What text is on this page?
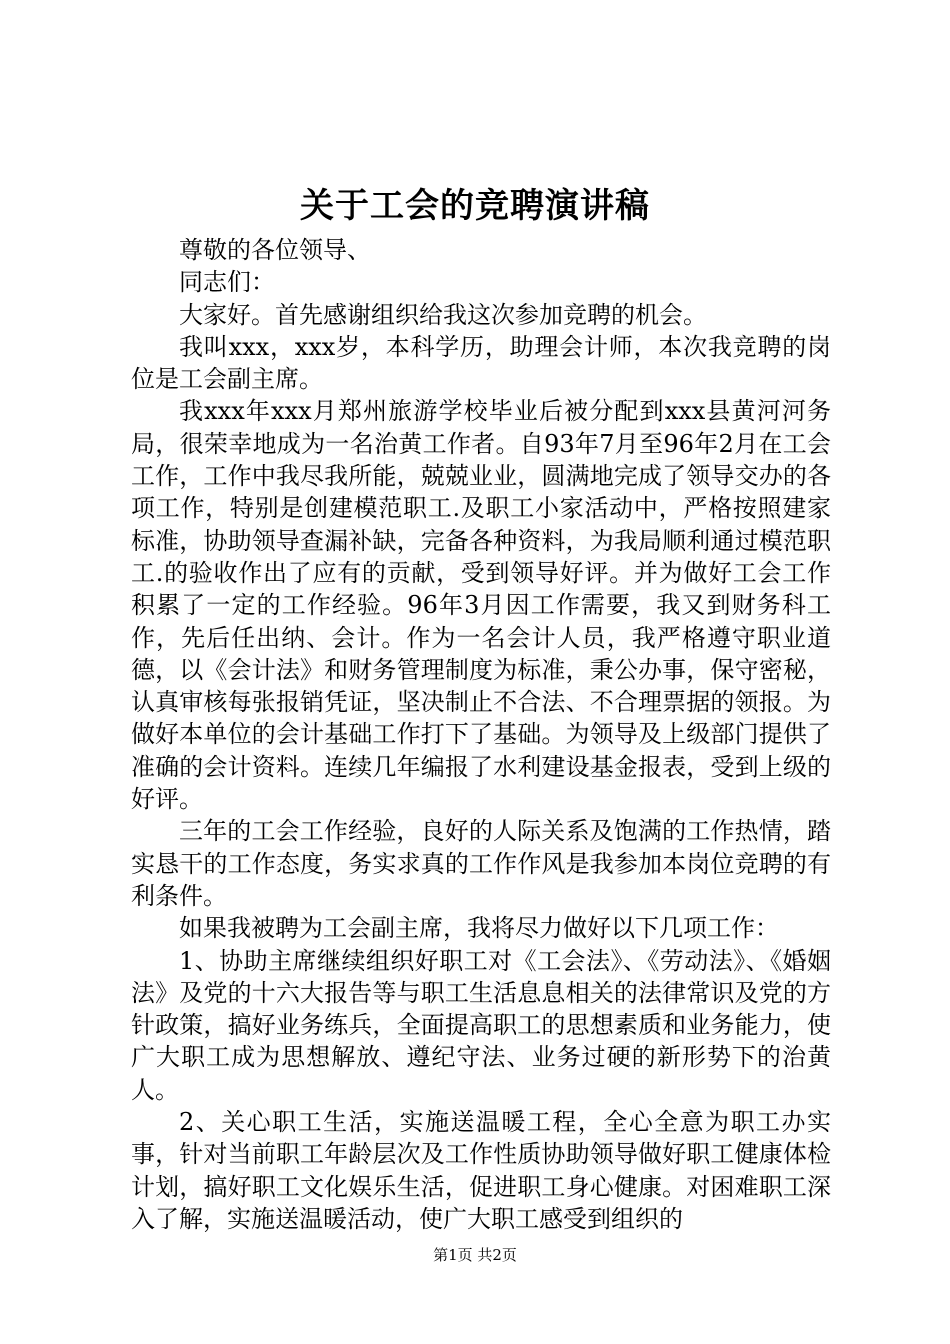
关于工会的竞聘演讲稿

尊敬的各位领导、

同志们：

大家好。首先感谢组织给我这次参加竞聘的机会。

我叫xxx，xxx岁，本科学历，助理会计师，本次我竞聘的岗位是工会副主席。

我xxx年xxx月郑州旅游学校毕业后被分配到xxx县黄河河务局，很荣幸地成为一名治黄工作者。自93年7月至96年2月在工会工作，工作中我尽我所能，兢兢业业，圆满地完成了领导交办的各项工作，特别是创建模范职工.及职工小家活动中，严格按照建家标准，协助领导查漏补缺，完备各种资料，为我局顺利通过模范职工.的验收作出了应有的贡献，受到领导好评。并为做好工会工作积累了一定的工作经验。96年3月因工作需要，我又到财务科工作，先后任出纳、会计。作为一名会计人员，我严格遵守职业道德，以《会计法》和财务管理制度为标准，秉公办事，保守密秘，认真审核每张报销凭证，坚决制止不合法、不合理票据的领报。为做好本单位的会计基础工作打下了基础。为领导及上级部门提供了准确的会计资料。连续几年编报了水利建设基金报表，受到上级的好评。

三年的工会工作经验，良好的人际关系及饱满的工作热情，踏实恳干的工作态度，务实求真的工作作风是我参加本岗位竞聘的有利条件。

如果我被聘为工会副主席，我将尽力做好以下几项工作：

1、协助主席继续组织好职工对《工会法》、《劳动法》、《婚姻法》及党的十六大报告等与职工生活息息相关的法律常识及党的方针政策，搞好业务练兵，全面提高职工的思想素质和业务能力，使广大职工成为思想解放、遵纪守法、业务过硬的新形势下的治黄人。

2、关心职工生活，实施送温暖工程，全心全意为职工办实事，针对当前职工年龄层次及工作性质协助领导做好职工健康体检计划，搞好职工文化娱乐生活，促进职工身心健康。对困难职工深入了解，实施送温暖活动，使广大职工感受到组织的

第1页 共2页
